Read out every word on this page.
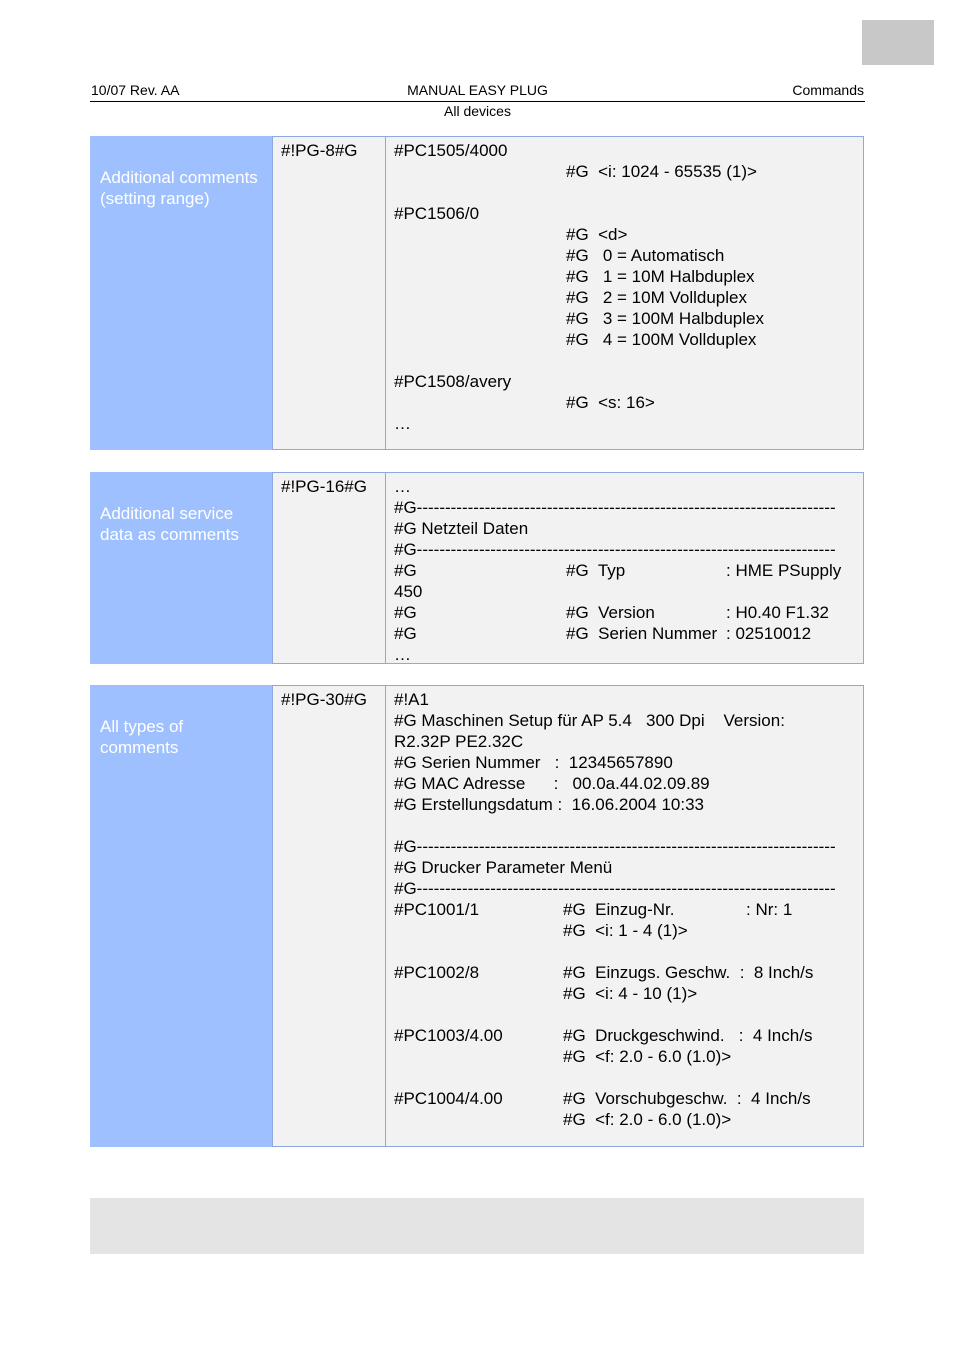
10/07 Rev. AA	MANUAL EASY PLUG	Commands
All devices
Additional comments
(setting range)
#!PG-8#G	#PC1505/4000
#G  <i: 1024 - 65535 (1)>
#PC1506/0
#G  <d>
#G   0 = Automatisch
#G   1 = 10M Halbduplex
#G   2 = 10M Vollduplex
#G   3 = 100M Halbduplex
#G   4 = 100M Vollduplex
#PC1508/avery
#G  <s: 16>
…
Additional service
data as comments
#!PG-16#G	…
#G--------------------------------------------------------------------------
#G Netzteil Daten
#G--------------------------------------------------------------------------
#G	#G  Typ	: HME PSupply
450
#G	#G  Version	: H0.40 F1.32
#G	#G  Serien Nummer : 02510012
…
All types of
comments
#!PG-30#G	#!A1
#G Maschinen Setup für AP 5.4   300 Dpi    Version:
R2.32P PE2.32C
#G Serien Nummer   :  12345657890
#G MAC Adresse      :   00.0a.44.02.09.89
#G Erstellungsdatum :  16.06.2004 10:33
#G--------------------------------------------------------------------------
#G Drucker Parameter Menü
#G--------------------------------------------------------------------------
#PC1001/1	#G  Einzug-Nr.	: Nr: 1
#G  <i: 1 - 4 (1)>
#PC1002/8	#G  Einzugs. Geschw.  :  8 Inch/s
#G  <i: 4 - 10 (1)>
#PC1003/4.00	#G  Druckgeschwind.   :  4 Inch/s
#G  <f: 2.0 - 6.0 (1.0)>
#PC1004/4.00	#G  Vorschubgeschw.  :  4 Inch/s
#G  <f: 2.0 - 6.0 (1.0)>
